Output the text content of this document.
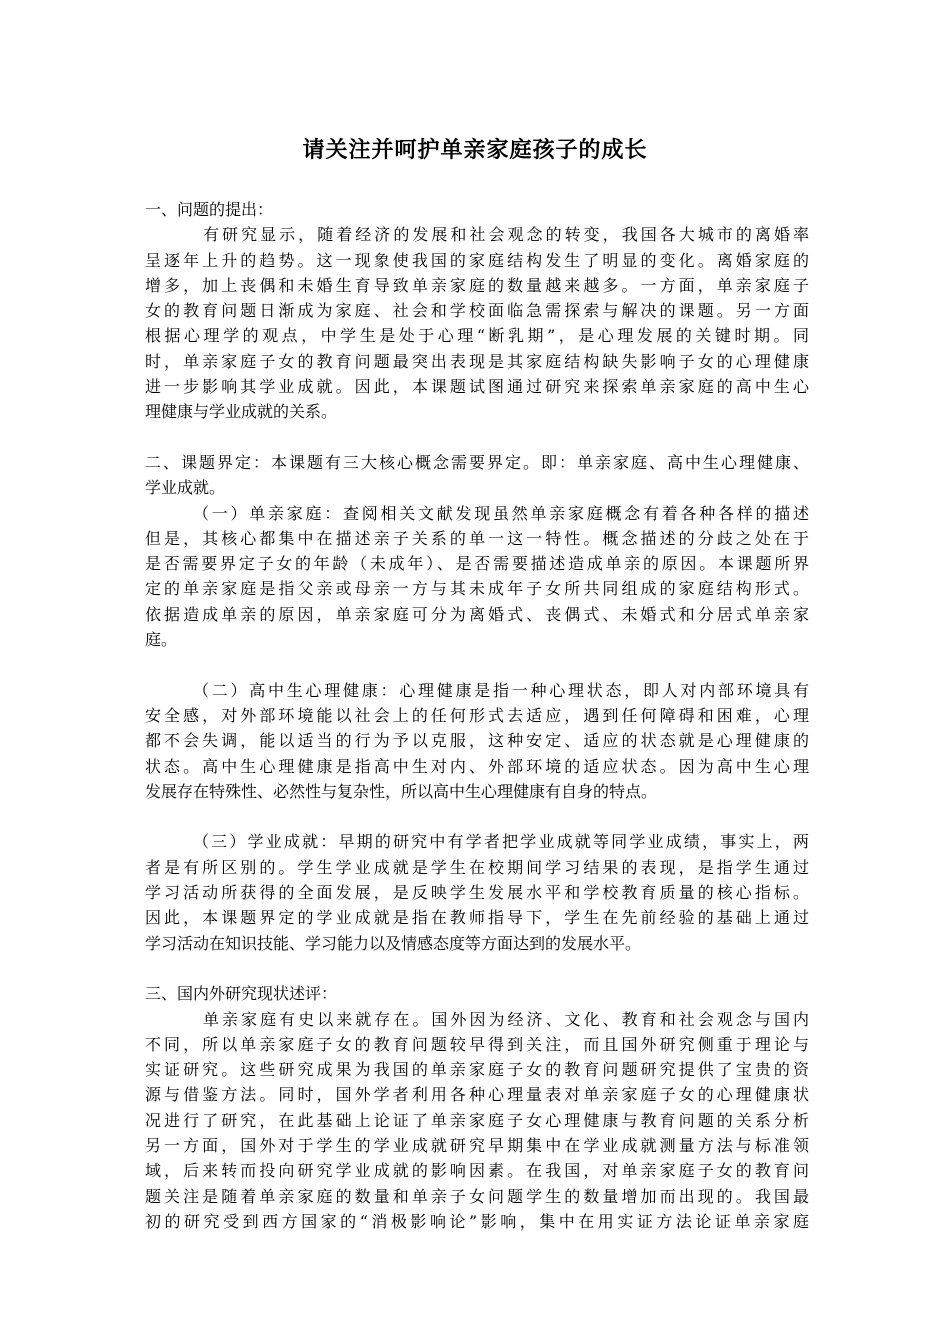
请关注并呵护单亲家庭孩子的成长
一、问题的提出：
有研究显示，随着经济的发展和社会观念的转变，我国各大城市的离婚率
呈逐年上升的趋势。这一现象使我国的家庭结构发生了明显的变化。离婚家庭的
增多，加上丧偶和未婚生育导致单亲家庭的数量越来越多。一方面，单亲家庭子
女的教育问题日渐成为家庭、社会和学校面临急需探索与解决的课题。另一方面
根据心理学的观点，中学生是处于心理“断乳期”，是心理发展的关键时期。同
时，单亲家庭子女的教育问题最突出表现是其家庭结构缺失影响子女的心理健康
进一步影响其学业成就。因此，本课题试图通过研究来探索单亲家庭的高中生心
理健康与学业成就的关系。
二、课题界定：本课题有三大核心概念需要界定。即：单亲家庭、高中生心理健康、
学业成就。
（一）单亲家庭：查阅相关文献发现虽然单亲家庭概念有着各种各样的描述
但是，其核心都集中在描述亲子关系的单一这一特性。概念描述的分歧之处在于
是否需要界定子女的年龄（未成年）、是否需要描述造成单亲的原因。本课题所界
定的单亲家庭是指父亲或母亲一方与其未成年子女所共同组成的家庭结构形式。
依据造成单亲的原因，单亲家庭可分为离婚式、丧偶式、未婚式和分居式单亲家
庭。
（二）高中生心理健康：心理健康是指一种心理状态，即人对内部环境具有
安全感，对外部环境能以社会上的任何形式去适应，遇到任何障碍和困难，心理
都不会失调，能以适当的行为予以克服，这种安定、适应的状态就是心理健康的
状态。高中生心理健康是指高中生对内、外部环境的适应状态。因为高中生心理
发展存在特殊性、必然性与复杂性，所以高中生心理健康有自身的特点。
（三）学业成就：早期的研究中有学者把学业成就等同学业成绩，事实上，两
者是有所区别的。学生学业成就是学生在校期间学习结果的表现，是指学生通过
学习活动所获得的全面发展，是反映学生发展水平和学校教育质量的核心指标。
因此，本课题界定的学业成就是指在教师指导下，学生在先前经验的基础上通过
学习活动在知识技能、学习能力以及情感态度等方面达到的发展水平。
三、国内外研究现状述评：
单亲家庭有史以来就存在。国外因为经济、文化、教育和社会观念与国内
不同，所以单亲家庭子女的教育问题较早得到关注，而且国外研究侧重于理论与
实证研究。这些研究成果为我国的单亲家庭子女的教育问题研究提供了宝贵的资
源与借鉴方法。同时，国外学者利用各种心理量表对单亲家庭子女的心理健康状
况进行了研究，在此基础上论证了单亲家庭子女心理健康与教育问题的关系分析
另一方面，国外对于学生的学业成就研究早期集中在学业成就测量方法与标准领
域，后来转而投向研究学业成就的影响因素。在我国，对单亲家庭子女的教育问
题关注是随着单亲家庭的数量和单亲子女问题学生的数量增加而出现的。我国最
初的研究受到西方国家的“消极影响论”影响，集中在用实证方法论证单亲家庭
